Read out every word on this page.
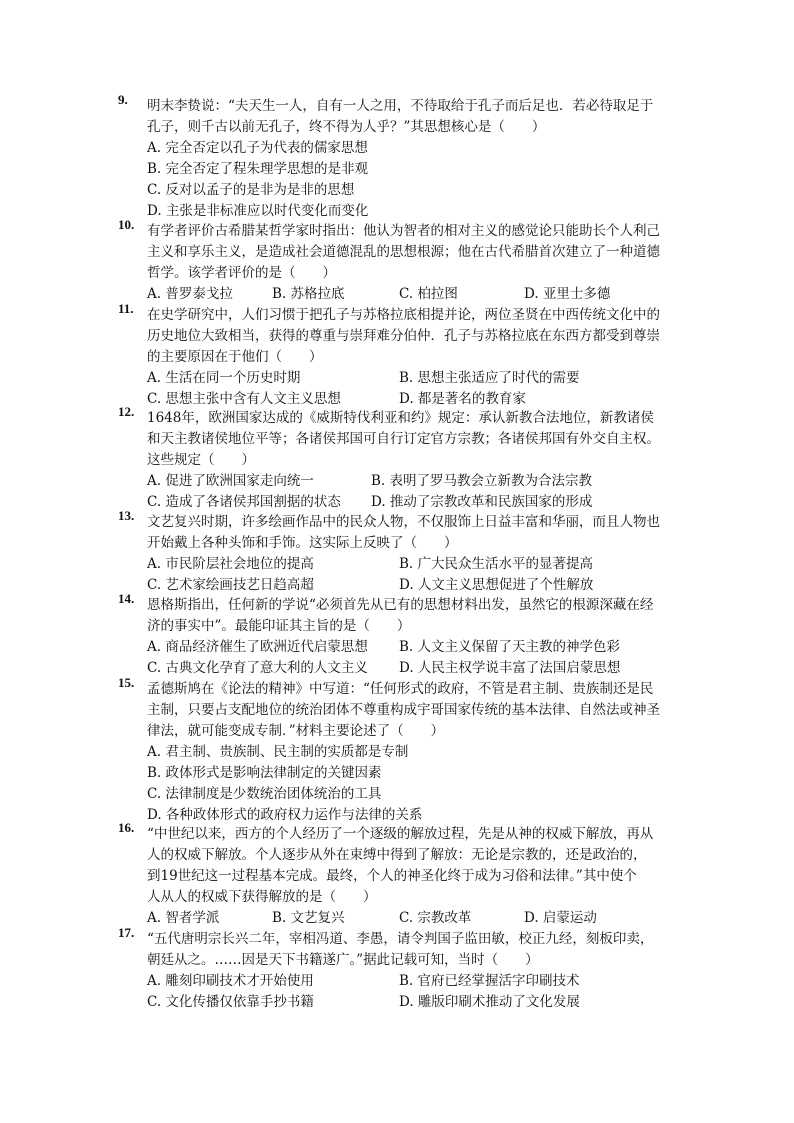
9. 明末李贽说：“夫天生一人，自有一人之用，不待取给于孔子而后足也．若必待取足于
孔子，则千古以前无孔子，终不得为人乎？”其思想核心是（　　）
A. 完全否定以孔子为代表的儒家思想
B. 完全否定了程朱理学思想的是非观
C. 反对以孟子的是非为是非的思想
D. 主张是非标准应以时代变化而变化
10. 有学者评价古希腊某哲学家时指出：他认为智者的相对主义的感觉论只能助长个人利己
主义和享乐主义，是造成社会道德混乱的思想根源；他在古代希腊首次建立了一种道德
哲学。该学者评价的是（　　）
A. 普罗泰戈拉	B. 苏格拉底	C. 柏拉图	D. 亚里士多德
11. 在史学研究中，人们习惯于把孔子与苏格拉底相提并论，两位圣贤在中西传统文化中的
历史地位大致相当，获得的尊重与崇拜难分伯仲．孔子与苏格拉底在东西方都受到尊崇
的主要原因在于他们（　　）
A. 生活在同一个历史时期	B. 思想主张适应了时代的需要
C. 思想主张中含有人文主义思想	D. 都是著名的教育家
12. 1648年，欧洲国家达成的《威斯特伐利亚和约》规定：承认新教合法地位，新教诸侯
和天主教诸侯地位平等；各诸侯邦国可自行订定官方宗教；各诸侯邦国有外交自主权。
这些规定（　　）
A. 促进了欧洲国家走向统一	B. 表明了罗马教会立新教为合法宗教
C. 造成了各诸侯邦国割据的状态 D. 推动了宗教改革和民族国家的形成
13. 文艺复兴时期，许多绘画作品中的民众人物，不仅服饰上日益丰富和华丽，而且人物也
开始戴上各种头饰和手饰。这实际上反映了（　　）
A. 市民阶层社会地位的提高	B. 广大民众生活水平的显著提高
C. 艺术家绘画技艺日趋高超	D. 人文主义思想促进了个性解放
14. 恩格斯指出，任何新的学说“必须首先从已有的思想材料出发，虽然它的根源深藏在经
济的事实中”。最能印证其主旨的是（　　）
A. 商品经济催生了欧洲近代启蒙思想 B. 人文主义保留了天主教的神学色彩
C. 古典文化孕育了意大利的人文主义 D. 人民主权学说丰富了法国启蒙思想
15. 孟德斯鸠在《论法的精神》中写道：“任何形式的政府，不管是君主制、贵族制还是民
主制，只要占支配地位的统治团体不尊重构成宇哥国家传统的基本法律、自然法或神圣
律法，就可能变成专制．”材料主要论述了（　　）
A. 君主制、贵族制、民主制的实质都是专制
B. 政体形式是影响法律制定的关键因素
C. 法律制度是少数统治团体统治的工具
D. 各种政体形式的政府权力运作与法律的关系
16. “中世纪以来，西方的个人经历了一个逐级的解放过程，先是从神的权威下解放，再从
人的权威下解放。个人逐步从外在束缚中得到了解放：无论是宗教的，还是政治的，
到19世纪这一过程基本完成。最终，个人的神圣化终于成为习俗和法律。”其中使个
人从人的权威下获得解放的是（　　）
A. 智者学派	B. 文艺复兴	C. 宗教改革	D. 启蒙运动
17. “五代唐明宗长兴二年，宰相冯道、李愚，请令判国子监田敏，校正九经，刻板印卖，
朝廷从之。……因是天下书籍遂广。”据此记载可知，当时（　　）
A. 雕刻印刷技术才开始使用	B. 官府已经掌握活字印刷技术
C. 文化传播仅依靠手抄书籍	D. 雕版印刷术推动了文化发展
